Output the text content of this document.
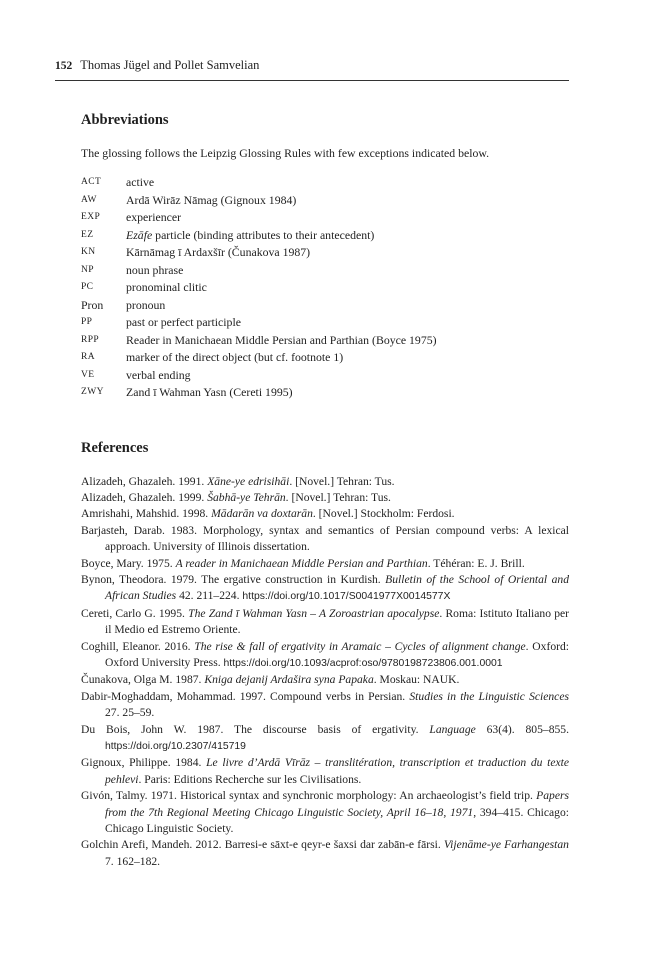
152 Thomas Jügel and Pollet Samvelian
Abbreviations

The glossing follows the Leipzig Glossing Rules with few exceptions indicated below.

ACT	active
AW	Ardā Wirāz Nāmag (Gignoux 1984)
EXP	experiencer
EZ	Ezāfe particle (binding attributes to their antecedent)
KN	Kārnāmag ī Ardaxšīr (Čunakova 1987)
NP	noun phrase
PC	pronominal clitic
Pron	pronoun
PP	past or perfect participle
RPP	Reader in Manichaean Middle Persian and Parthian (Boyce 1975)
RA	marker of the direct object (but cf. footnote 1)
VE	verbal ending
ZWY	Zand ī Wahman Yasn (Cereti 1995)
References
Alizadeh, Ghazaleh. 1991. Xāne-ye edrisihāi. [Novel.] Tehran: Tus.
Alizadeh, Ghazaleh. 1999. Šabhā-ye Tehrān. [Novel.] Tehran: Tus.
Amrishahi, Mahshid. 1998. Mādarān va doxtarān. [Novel.] Stockholm: Ferdosi.
Barjasteh, Darab. 1983. Morphology, syntax and semantics of Persian compound verbs: A lexical approach. University of Illinois dissertation.
Boyce, Mary. 1975. A reader in Manichaean Middle Persian and Parthian. Téhéran: E. J. Brill.
Bynon, Theodora. 1979. The ergative construction in Kurdish. Bulletin of the School of Oriental and African Studies 42. 211–224. https://doi.org/10.1017/S0041977X0014577X
Cereti, Carlo G. 1995. The Zand ī Wahman Yasn – A Zoroastrian apocalypse. Roma: Istituto Italiano per il Medio ed Estremo Oriente.
Coghill, Eleanor. 2016. The rise & fall of ergativity in Aramaic – Cycles of alignment change. Oxford: Oxford University Press. https://doi.org/10.1093/acprof:oso/9780198723806.001.0001
Čunakova, Olga M. 1987. Kniga dejanij Ardašira syna Papaka. Moskau: NAUK.
Dabir-Moghaddam, Mohammad. 1997. Compound verbs in Persian. Studies in the Linguistic Sciences 27. 25–59.
Du Bois, John W. 1987. The discourse basis of ergativity. Language 63(4). 805–855. https://doi.org/10.2307/415719
Gignoux, Philippe. 1984. Le livre d’Ardā Vīrāz – translitération, transcription et traduction du texte pehlevi. Paris: Editions Recherche sur les Civilisations.
Givón, Talmy. 1971. Historical syntax and synchronic morphology: An archaeologist’s field trip. Papers from the 7th Regional Meeting Chicago Linguistic Society, April 16–18, 1971, 394–415. Chicago: Chicago Linguistic Society.
Golchin Arefi, Mandeh. 2012. Barresi-e sāxt-e qeyr-e šaxsi dar zabān-e fārsi. Vijenāme-ye Farhangestan 7. 162–182.
